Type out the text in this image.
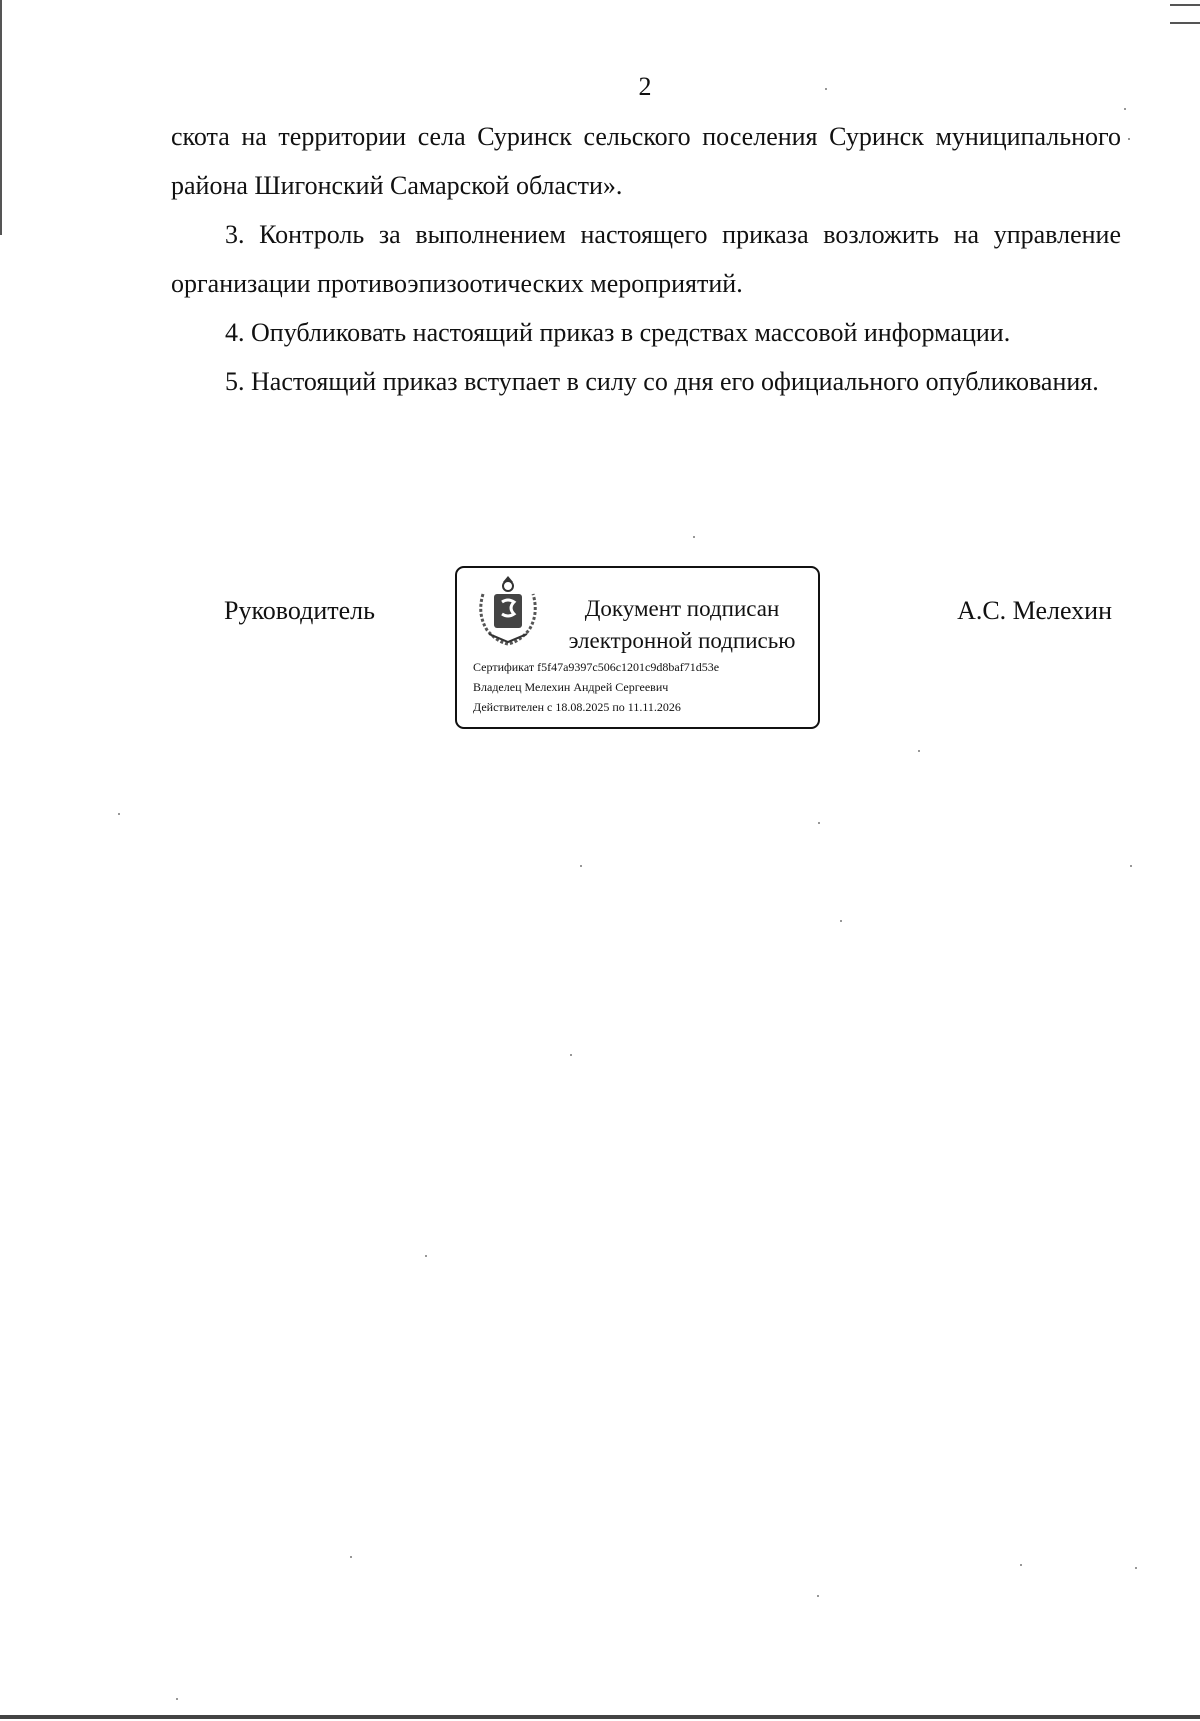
2

скота на территории села Суринск сельского поселения Суринск муниципального района Шигонский Самарской области».

3. Контроль за выполнением настоящего приказа возложить на управление организации противоэпизоотических мероприятий.

4. Опубликовать настоящий приказ в средствах массовой информации.

5. Настоящий приказ вступает в силу со дня его официального опубликования.

Руководитель	Документ подписан
электронной подписью
Сертификат f5f47a9397c506c1201c9d8baf71d53e
Владелец Мелехин Андрей Сергеевич
Действителен с 18.08.2025 по 11.11.2026
А.С. Мелехин
